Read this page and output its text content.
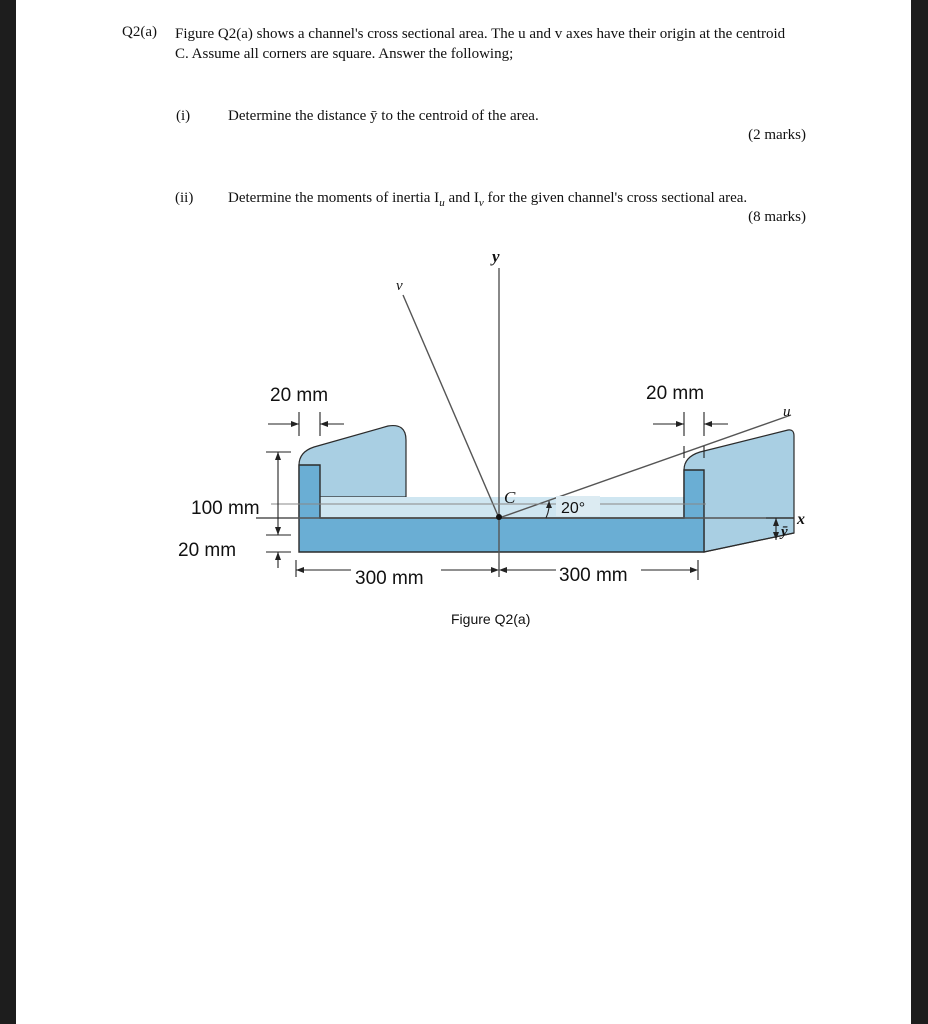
Q2(a) Figure Q2(a) shows a channel's cross sectional area. The u and v axes have their origin at the centroid C. Assume all corners are square. Answer the following;
(i)	Determine the distance ȳ to the centroid of the area.
(2 marks)
(ii) Determine the moments of inertia $I_u$ and $I_v$ for the given channel's cross sectional area.
(8 marks)
20 mm	20 mm
100 mm
20 mm
300 mm	300 mm
20°
y
v
u
x
C
ȳ
Figure Q2(a)
